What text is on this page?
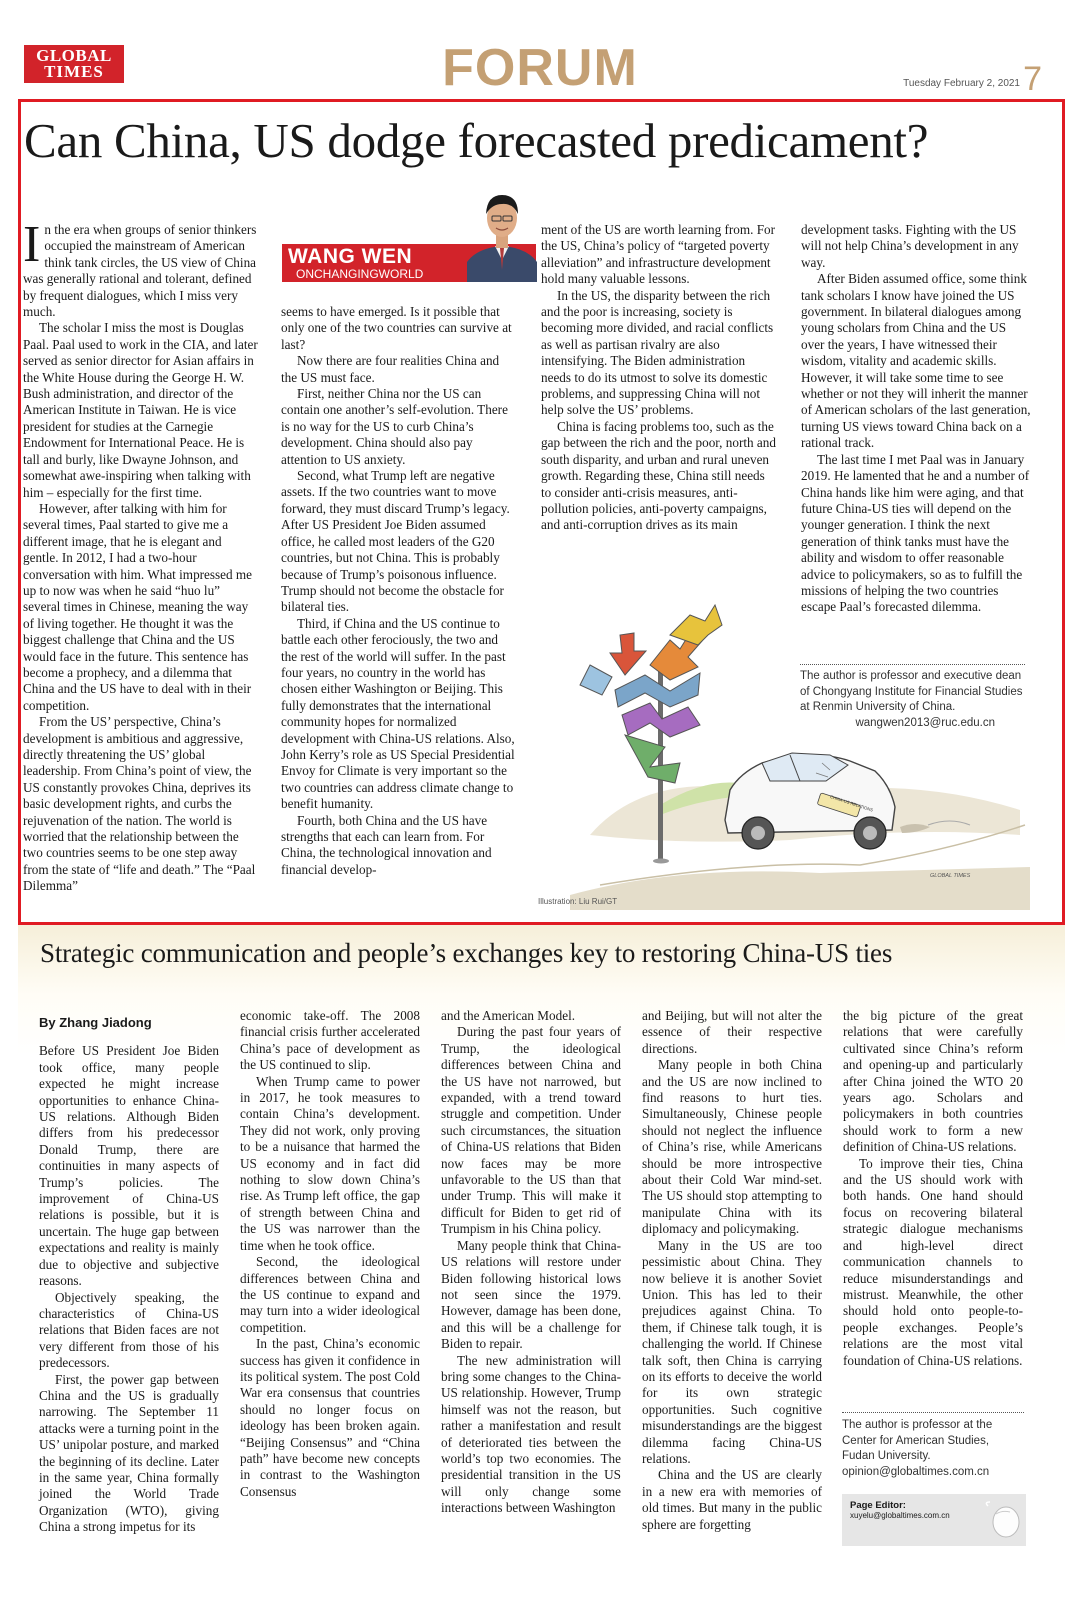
GLOBAL
TIMES	FORUM	Tuesday February 2, 2021 7
Can China, US dodge forecasted predicament?
I n the era when groups of senior thinkers occupied the mainstream of American think tank circles, the US view of China was generally rational and tolerant, defined by frequent dialogues, which I miss very much.

The scholar I miss the most is Douglas Paal. Paal used to work in the CIA, and later served as senior director for Asian affairs in the White House during the George H. W. Bush administration, and director of the American Institute in Taiwan. He is vice president for studies at the Carnegie Endowment for International Peace. He is tall and burly, like Dwayne Johnson, and somewhat awe-inspiring when talking with him – especially for the first time.

However, after talking with him for several times, Paal started to give me a different image, that he is elegant and gentle. In 2012, I had a two-hour conversation with him. What impressed me up to now was when he said “huo lu” several times in Chinese, meaning the way of living together. He thought it was the biggest challenge that China and the US would face in the future. This sentence has become a prophecy, and a dilemma that China and the US have to deal with in their competition.

From the US’ perspective, China’s development is ambitious and aggressive, directly threatening the US’ global leadership. From China’s point of view, the US constantly provokes China, deprives its basic development rights, and curbs the rejuvenation of the nation. The world is worried that the relationship between the two countries seems to be one step away from the state of “life and death.” The “Paal Dilemma”

WANG WEN
ONCHANGINGWORLD

seems to have emerged. Is it possible that only one of the two countries can survive at last?

Now there are four realities China and the US must face.

First, neither China nor the US can contain one another’s self-evolution. There is no way for the US to curb China’s development. China should also pay attention to US anxiety.

Second, what Trump left are negative assets. If the two countries want to move forward, they must discard Trump’s legacy. After US President Joe Biden assumed office, he called most leaders of the G20 countries, but not China. This is probably because of Trump’s poisonous influence. Trump should not become the obstacle for bilateral ties.

Third, if China and the US continue to battle each other ferociously, the two and the rest of the world will suffer. In the past four years, no country in the world has chosen either Washington or Beijing. This fully demonstrates that the international community hopes for normalized development with China-US relations. Also, John Kerry’s role as US Special Presidential Envoy for Climate is very important so the two countries can address climate change to benefit humanity.

Fourth, both China and the US have strengths that each can learn from. For China, the technological innovation and financial develop-

ment of the US are worth learning from. For the US, China’s policy of “targeted poverty alleviation” and infrastructure development hold many valuable lessons.

In the US, the disparity between the rich and the poor is increasing, society is becoming more divided, and racial conflicts as well as partisan rivalry are also intensifying. The Biden administration needs to do its utmost to solve its domestic problems, and suppressing China will not help solve the US’ problems.

China is facing problems too, such as the gap between the rich and the poor, north and south disparity, and urban and rural uneven growth. Regarding these, China still needs to consider anti-crisis measures, anti-pollution policies, anti-poverty campaigns, and anti-corruption drives as its main

development tasks. Fighting with the US will not help China’s development in any way.

After Biden assumed office, some think tank scholars I know have joined the US government. In bilateral dialogues among young scholars from China and the US over the years, I have witnessed their wisdom, vitality and academic skills. However, it will take some time to see whether or not they will inherit the manner of American scholars of the last generation, turning US views toward China back on a rational track.

The last time I met Paal was in January 2019. He lamented that he and a number of China hands like him were aging, and that future China-US ties will depend on the younger generation. I think the next generation of think tanks must have the ability and wisdom to offer reasonable advice to policymakers, so as to fulfill the missions of helping the two countries escape Paal’s forecasted dilemma.

The author is professor and executive dean of Chongyang Institute for Financial Studies at Renmin University of China.
wangwen2013@ruc.edu.cn
CHINA-US RELATIONS
GLOBAL TIMES
Illustration: Liu Rui/GT
Strategic communication and people’s exchanges key to restoring China-US ties
By Zhang Jiadong

Before US President Joe Biden took office, many people expected he might increase opportunities to enhance China-US relations. Although Biden differs from his predecessor Donald Trump, there are continuities in many aspects of Trump’s policies. The improvement of China-US relations is possible, but it is uncertain. The huge gap between expectations and reality is mainly due to objective and subjective reasons.

Objectively speaking, the characteristics of China-US relations that Biden faces are not very different from those of his predecessors.

First, the power gap between China and the US is gradually narrowing. The September 11 attacks were a turning point in the US’ unipolar posture, and marked the beginning of its decline. Later in the same year, China formally joined the World Trade Organization (WTO), giving China a strong impetus for its

economic take-off. The 2008 financial crisis further accelerated China’s pace of development as the US continued to slip.

When Trump came to power in 2017, he took measures to contain China’s development. They did not work, only proving to be a nuisance that harmed the US economy and in fact did nothing to slow down China’s rise. As Trump left office, the gap of strength between China and the US was narrower than the time when he took office.

Second, the ideological differences between China and the US continue to expand and may turn into a wider ideological competition.

In the past, China’s economic success has given it confidence in its political system. The post Cold War era consensus that countries should no longer focus on ideology has been broken again. “Beijing Consensus” and “China path” have become new concepts in contrast to the Washington Consensus

and the American Model.

During the past four years of Trump, the ideological differences between China and the US have not narrowed, but expanded, with a trend toward struggle and competition. Under such circumstances, the situation of China-US relations that Biden now faces may be more unfavorable to the US than that under Trump. This will make it difficult for Biden to get rid of Trumpism in his China policy.

Many people think that China-US relations will restore under Biden following historical lows not seen since the 1979. However, damage has been done, and this will be a challenge for Biden to repair.

The new administration will bring some changes to the China-US relationship. However, Trump himself was not the reason, but rather a manifestation and result of deteriorated ties between the world’s top two economies. The presidential transition in the US will only change some interactions between Washington

and Beijing, but will not alter the essence of their respective directions.

Many people in both China and the US are now inclined to find reasons to hurt ties. Simultaneously, Chinese people should not neglect the influence of China’s rise, while Americans should be more introspective about their Cold War mind-set. The US should stop attempting to manipulate China with its diplomacy and policymaking.

Many in the US are too pessimistic about China. They now believe it is another Soviet Union. This has led to their prejudices against China. To them, if Chinese talk tough, it is challenging the world. If Chinese talk soft, then China is carrying on its efforts to deceive the world for its own strategic opportunities. Such cognitive misunderstandings are the biggest dilemma facing China-US relations.

China and the US are clearly in a new era with memories of old times. But many in the public sphere are forgetting

the big picture of the great relations that were carefully cultivated since China’s reform and opening-up and particularly after China joined the WTO 20 years ago. Scholars and policymakers in both countries should work to form a new definition of China-US relations.

To improve their ties, China and the US should work with both hands. One hand should focus on recovering bilateral strategic dialogue mechanisms and high-level direct communication channels to reduce misunderstandings and mistrust. Meanwhile, the other should hold onto people-to-people exchanges. People’s relations are the most vital foundation of China-US relations.

The author is professor at the Center for American Studies, Fudan University. opinion@globaltimes.com.cn
Page Editor:
xuyelu@globaltimes.com.cn
